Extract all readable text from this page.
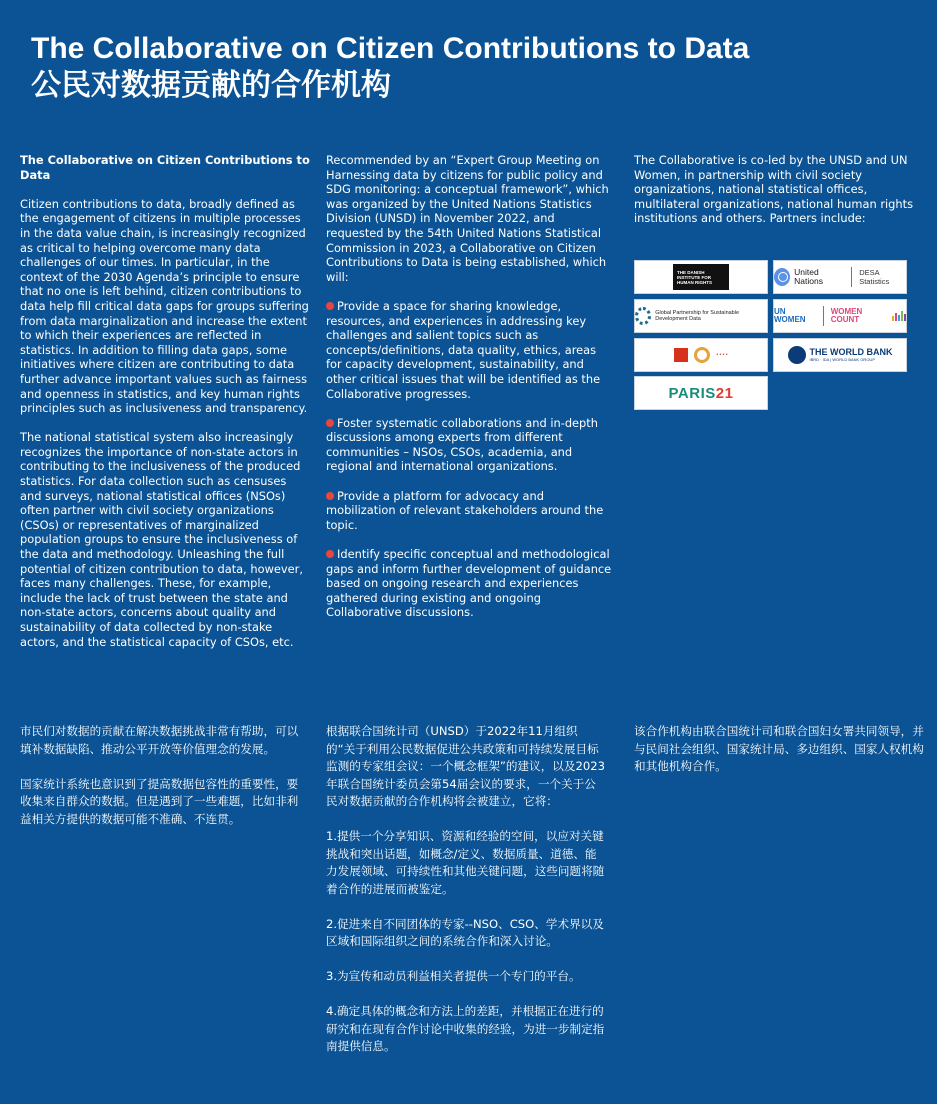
The Collaborative on Citizen Contributions to Data
公民对数据贡献的合作机构

The Collaborative on Citizen Contributions to Data

Citizen contributions to data, broadly defined as the engagement of citizens in multiple processes in the data value chain, is increasingly recognized as critical to helping overcome many data challenges of our times. In particular, in the context of the 2030 Agenda’s principle to ensure that no one is left behind, citizen contributions to data help fill critical data gaps for groups suffering from data marginalization and increase the extent to which their experiences are reflected in statistics. In addition to filling data gaps, some initiatives where citizen are contributing to data further advance important values such as fairness and openness in statistics, and key human rights principles such as inclusiveness and transparency.

The national statistical system also increasingly recognizes the importance of non-state actors in contributing to the inclusiveness of the produced statistics. For data collection such as censuses and surveys, national statistical offices (NSOs) often partner with civil society organizations (CSOs) or representatives of marginalized population groups to ensure the inclusiveness of the data and methodology. Unleashing the full potential of citizen contribution to data, however, faces many challenges. These, for example, include the lack of trust between the state and non-state actors, concerns about quality and sustainability of data collected by non-stake actors, and the statistical capacity of CSOs, etc.

Recommended by an “Expert Group Meeting on Harnessing data by citizens for public policy and SDG monitoring: a conceptual framework”, which was organized by the United Nations Statistics Division (UNSD) in November 2022, and requested by the 54th United Nations Statistical Commission in 2023, a Collaborative on Citizen Contributions to Data is being established, which will:

Provide a space for sharing knowledge, resources, and experiences in addressing key challenges and salient topics such as concepts/definitions, data quality, ethics, areas for capacity development, sustainability, and other critical issues that will be identified as the Collaborative progresses.

Foster systematic collaborations and in-depth discussions among experts from different communities – NSOs, CSOs, academia, and regional and international organizations.

Provide a platform for advocacy and mobilization of relevant stakeholders around the topic.

Identify specific conceptual and methodological gaps and inform further development of guidance based on ongoing research and experiences gathered during existing and ongoing Collaborative discussions.

The Collaborative is co-led by the UNSD and UN Women, in partnership with civil society organizations, national statistical offices, multilateral organizations, national human rights institutions and others. Partners include:

THE DANISH INSTITUTE FOR HUMAN RIGHTS
United Nations
DESA Statistics
Global Partnership for Sustainable Development Data
UN WOMEN
WOMEN COUNT
• • • •	THE WORLD BANK
IBRD · IDA | WORLD BANK GROUP
PARIS21

市民们对数据的贡献在解决数据挑战非常有帮助，可以填补数据缺陷、推动公平开放等价值理念的发展。

国家统计系统也意识到了提高数据包容性的重要性，要收集来自群众的数据。但是遇到了一些难题，比如非利益相关方提供的数据可能不准确、不连贯。

根据联合国统计司（UNSD）于2022年11月组织的“关于利用公民数据促进公共政策和可持续发展目标监测的专家组会议：一个概念框架”的建议，以及2023年联合国统计委员会第54届会议的要求，一个关于公民对数据贡献的合作机构将会被建立，它将：

1.提供一个分享知识、资源和经验的空间，以应对关键挑战和突出话题，如概念/定义、数据质量、道德、能力发展领域、可持续性和其他关键问题，这些问题将随着合作的进展而被鉴定。

2.促进来自不同团体的专家--NSO、CSO、学术界以及区域和国际组织之间的系统合作和深入讨论。

3.为宣传和动员利益相关者提供一个专门的平台。

4.确定具体的概念和方法上的差距，并根据正在进行的研究和在现有合作讨论中收集的经验，为进一步制定指南提供信息。

该合作机构由联合国统计司和联合国妇女署共同领导，并与民间社会组织、国家统计局、多边组织、国家人权机构和其他机构合作。
